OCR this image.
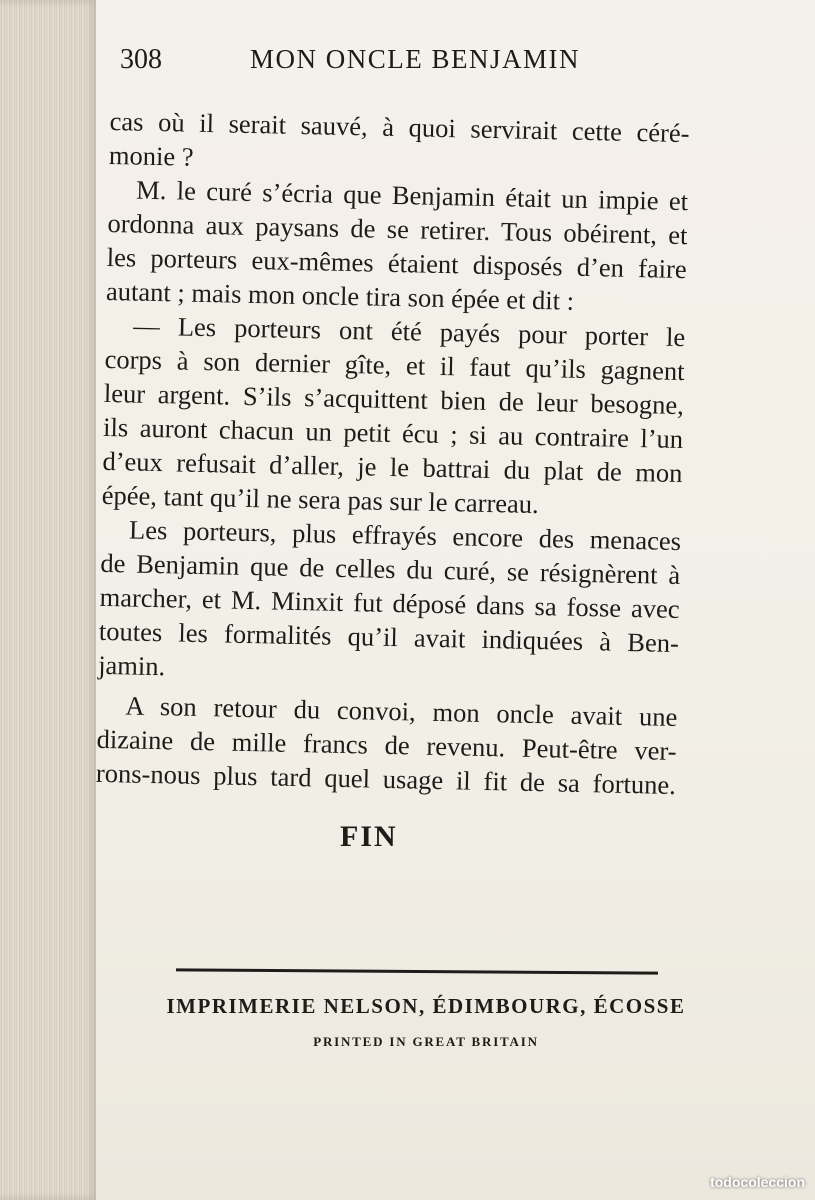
308	MON ONCLE BENJAMIN
cas où il serait sauvé, à quoi servirait cette céré-
monie ?
M. le curé s’écria que Benjamin était un impie et
ordonna aux paysans de se retirer. Tous obéirent, et
les porteurs eux-mêmes étaient disposés d’en faire
autant ; mais mon oncle tira son épée et dit :
— Les porteurs ont été payés pour porter le
corps à son dernier gîte, et il faut qu’ils gagnent
leur argent. S’ils s’acquittent bien de leur besogne,
ils auront chacun un petit écu ; si au contraire l’un
d’eux refusait d’aller, je le battrai du plat de mon
épée, tant qu’il ne sera pas sur le carreau.
Les porteurs, plus effrayés encore des menaces
de Benjamin que de celles du curé, se résignèrent à
marcher, et M. Minxit fut déposé dans sa fosse avec
toutes les formalités qu’il avait indiquées à Ben-
jamin.
A son retour du convoi, mon oncle avait une
dizaine de mille francs de revenu. Peut-être ver-
rons-nous plus tard quel usage il fit de sa fortune.
FIN
IMPRIMERIE NELSON, ÉDIMBOURG, ÉCOSSE
PRINTED IN GREAT BRITAIN
todocoleccion
